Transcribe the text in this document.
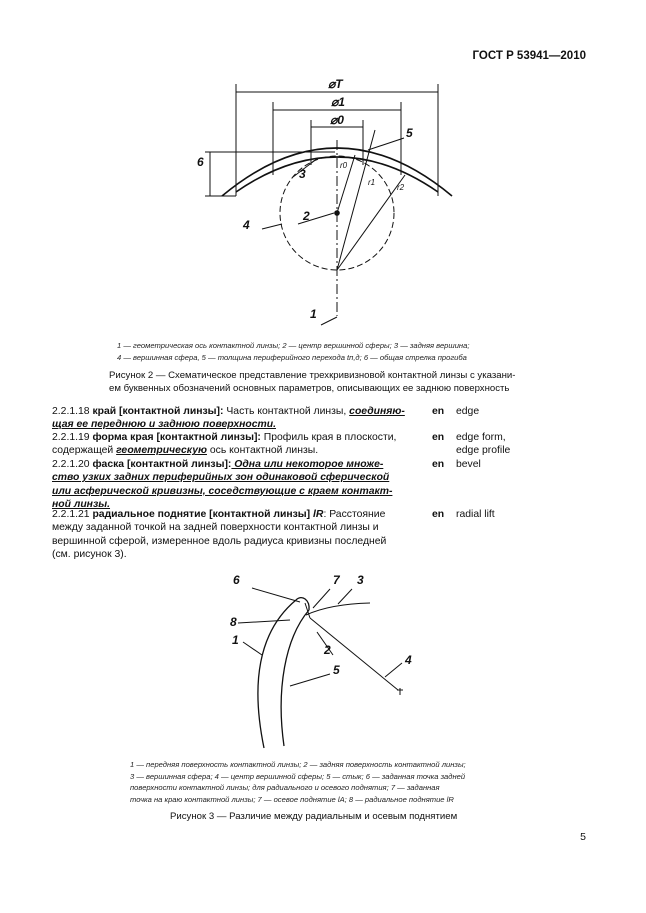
ГОСТ Р 53941—2010
⌀T
⌀1
⌀0
5
6
3
2
4
1
r0
r1
r2
1 — геометрическая ось контактной линзы; 2 — центр вершинной сферы; 3 — задняя вершина;
4 — вершинная сфера, 5 — толщина периферийного перехода tп,д; 6 — общая стрелка прогиба
Рисунок 2 — Схематическое представление трехкривизновой контактной линзы с указани-
ем буквенных обозначений основных параметров, описывающих ее заднюю поверхность
2.2.1.18 край [контактной линзы]: Часть контактной линзы, соединяю-
щая ее переднюю и заднюю поверхности.
en edge
2.2.1.19 форма края [контактной линзы]: Профиль края в плоскости,
содержащей геометрическую ось контактной линзы.
en edge form,
edge profile
2.2.1.20 фаска [контактной линзы]: Одна или некоторое множе-
ство узких задних периферийных зон одинаковой сферической
или асферической кривизны, соседствующие с краем контакт-
ной линзы.
en bevel
2.2.1.21 радиальное поднятие [контактной линзы] lR: Расстояние
между заданной точкой на задней поверхности контактной линзы и
вершинной сферой, измеренное вдоль радиуса кривизны последней
(см. рисунок 3).
en radial lift
6	7 3
8
1
2
5
4
1 — передняя поверхность контактной линзы; 2 — задняя поверхность контактной линзы;
3 — вершинная сфера; 4 — центр вершинной сферы; 5 — стык; 6 — заданная точка задней
поверхности контактной линзы; для радиального и осевого поднятия; 7 — заданная
точка на краю контактной линзы; 7 — осевое поднятие lA; 8 — радиальное поднятие lR
Рисунок 3 — Различие между радиальным и осевым поднятием
5
